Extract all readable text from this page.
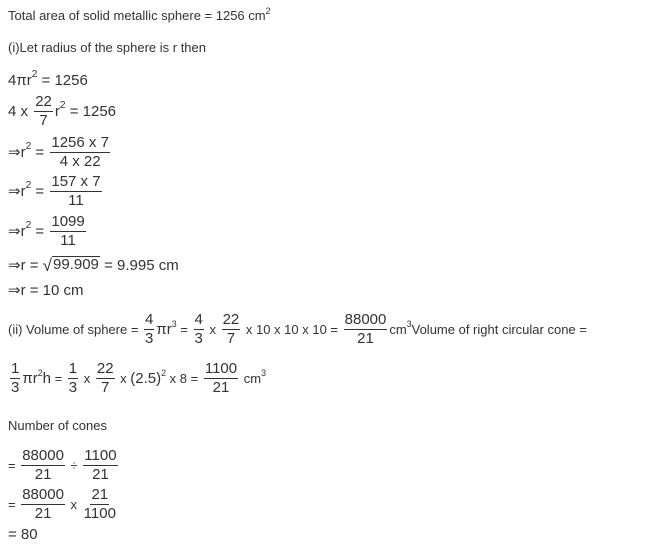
Total area of solid metallic sphere = 1256 cm 2
(i)Let radius of the sphere is r then
4 π r 2 = 1256
4 x $\frac{22}{7}$ r 2 = 1256
⇒ r $2 = \frac{1256 x 7}{4 x 22}$
⇒ r $2 = \frac{157 x 7}{11}$
⇒ r $2 = \frac{1099}{11}$
⇒ r = √ 99.909 = 9.995 cm
⇒ r = 10 cm
(ii) Volume of sphere = $\frac{4}{3}$ π r $3 = \frac{4}{3}$ x $\frac{22}{7}$ x 10 x 10 x $10 = \frac{88000}{21}$ cm 3 Volume of right circular cone =
$\frac{1}{3}$ π r 2 $h = \frac{1}{3}$ x $\frac{22}{7}$ x (2.5) 2 x $8 = \frac{1100}{21}$ cm 3
Number of cones
= $\frac{88000}{21} \div \frac{1100}{21}$
= $\frac{88000}{21}$ x $\frac{21}{1100}$
= 80
